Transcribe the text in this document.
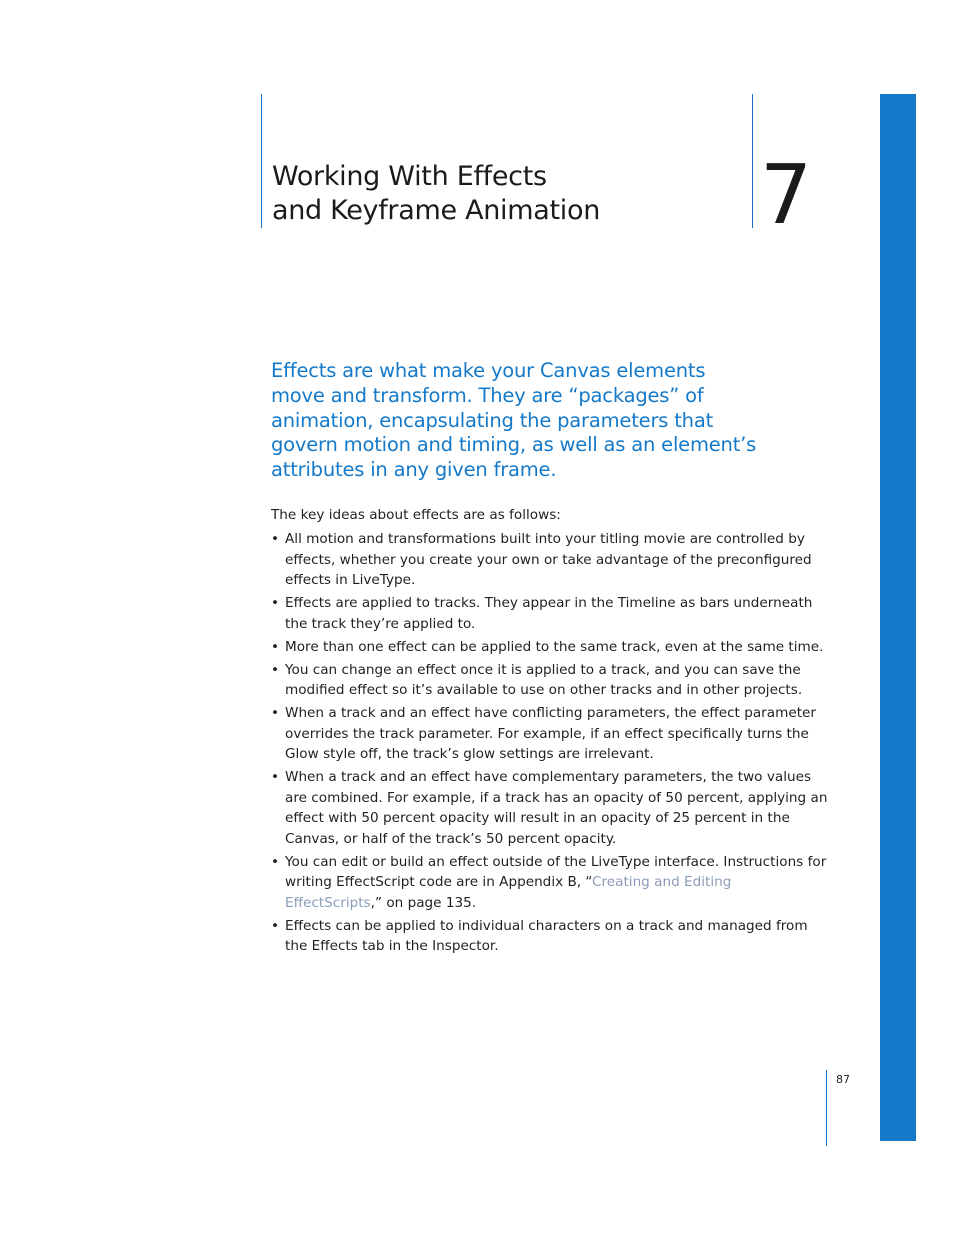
Working With Effects
and Keyframe Animation 7

Effects are what make your Canvas elements move and transform. They are “packages” of animation, encapsulating the parameters that govern motion and timing, as well as an element’s attributes in any given frame.

The key ideas about effects are as follows:

• All motion and transformations built into your titling movie are controlled by effects, whether you create your own or take advantage of the preconfigured effects in LiveType.
• Effects are applied to tracks. They appear in the Timeline as bars underneath the track they’re applied to.
• More than one effect can be applied to the same track, even at the same time.
• You can change an effect once it is applied to a track, and you can save the modified effect so it’s available to use on other tracks and in other projects.
• When a track and an effect have conflicting parameters, the effect parameter overrides the track parameter. For example, if an effect specifically turns the Glow style off, the track’s glow settings are irrelevant.
• When a track and an effect have complementary parameters, the two values are combined. For example, if a track has an opacity of 50 percent, applying an effect with 50 percent opacity will result in an opacity of 25 percent in the Canvas, or half of the track’s 50 percent opacity.
• You can edit or build an effect outside of the LiveType interface. Instructions for writing EffectScript code are in Appendix B, “Creating and Editing EffectScripts,” on page 135.
• Effects can be applied to individual characters on a track and managed from the Effects tab in the Inspector.
87
